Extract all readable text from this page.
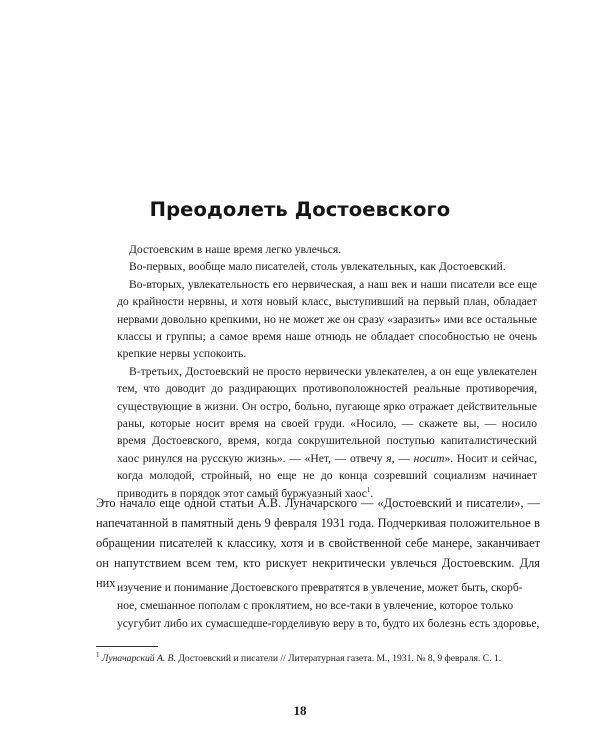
Преодолеть Достоевского

Достоевским в наше время легко увлечься.

Во-первых, вообще мало писателей, столь увлекательных, как Достоевский.

Во-вторых, увлекательность его нервическая, а наш век и наши писатели все еще до крайности нервны, и хотя новый класс, выступивший на первый план, обладает нервами довольно крепкими, но не может же он сразу «заразить» ими все остальные классы и группы; а самое время наше отнюдь не обладает способностью не очень крепкие нервы успокоить.

В-третьих, Достоевский не просто нервически увлекателен, а он еще увлекателен тем, что доводит до раздирающих противоположностей реальные противоречия, существующие в жизни. Он остро, больно, пугающе ярко отражает действительные раны, которые носит время на своей груди. «Носило, — скажете вы, — носило время Достоевского, время, когда сокрушительной поступью капиталистический хаос ринулся на русскую жизнь». — «Нет, — отвечу я, — носит». Носит и сейчас, когда молодой, стройный, но еще не до конца созревший социализм начинает приводить в порядок этот самый буржуазный хаос$^1$.

Это начало еще одной статьи А.В. Луначарского — «Достоевский и писатели», — напечатанной в памятный день 9 февраля 1931 года. Подчеркивая положительное в обращении писателей к классику, хотя и в свойственной себе манере, заканчивает он напутствием всем тем, кто рискует некритически увлечься Достоевским. Для них изучение и понимание Достоевского превратятся в увлечение, может быть, скорб-
ное, смешанное пополам с проклятием, но все-таки в увлечение, которое только
усугубит либо их сумасшедше-горделивую веру в то, будто их болезнь есть здоровье,

$^1$ Луначарский А. В. Достоевский и писатели // Литературная газета. М., 1931. № 8, 9 февраля. С. 1.

18
